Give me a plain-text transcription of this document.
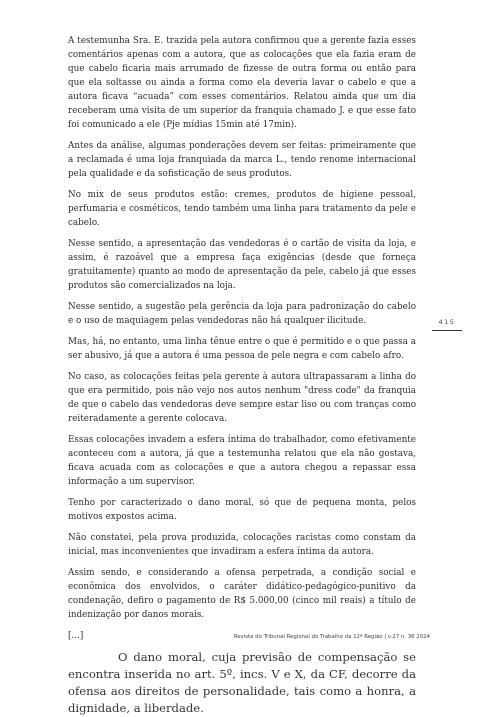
A testemunha Sra. E. trazida pela autora confirmou que a gerente fazia esses comentários apenas com a autora, que as colocações que ela fazia eram de que cabelo ficaria mais arrumado de fizesse de outra forma ou então para que ela soltasse ou ainda a forma como ela deveria lavar o cabelo e que a autora ficava “acuada” com esses comentários. Relatou ainda que um dia receberam uma visita de um superior da franquia chamado J. e que esse fato foi comunicado a ele (Pje mídias 15min até 17min).

Antes da análise, algumas ponderações devem ser feitas: primeiramente que a reclamada é uma loja franquiada da marca L., tendo renome internacional pela qualidade e da sofisticação de seus produtos.

No mix de seus produtos estão: cremes, produtos de higiene pessoal, perfumaria e cosméticos, tendo também uma linha para tratamento da pele e cabelo.

Nesse sentido, a apresentação das vendedoras é o cartão de visita da loja, e assim, é razoável que a empresa faça exigências (desde que forneça gratuitamente) quanto ao modo de apresentação da pele, cabelo já que esses produtos são comercializados na loja.

Nesse sentido, a sugestão pela gerência da loja para padronização do cabelo e o uso de maquiagem pelas vendedoras não há qualquer ilicitude.

Mas, há, no entanto, uma linha tênue entre o que é permitido e o que passa a ser abusivo, já que a autora é uma pessoa de pele negra e com cabelo afro.

No caso, as colocações feitas pela gerente à autora ultrapassaram a linha do que era permitido, pois não vejo nos autos nenhum "dress code" da franquia de que o cabelo das vendedoras deve sempre estar liso ou com tranças como reiteradamente a gerente colocava.

Essas colocações invadem a esfera íntima do trabalhador, como efetivamente aconteceu com a autora, já que a testemunha relatou que ela não gostava, ficava acuada com as colocações e que a autora chegou a repassar essa informação a um supervisor.

Tenho por caracterizado o dano moral, só que de pequena monta, pelos motivos expostos acima.

Não constatei, pela prova produzida, colocações racistas como constam da inicial, mas inconvenientes que invadiram a esfera íntima da autora.

Assim sendo, e considerando a ofensa perpetrada, a condição social e econômica dos envolvidos, o caráter didático-pedagógico-punitivo da condenação, defiro o pagamento de R$ 5.000,00 (cinco mil reais) a título de indenização por danos morais.

[...]

O dano moral, cuja previsão de compensação se encontra inserida no art. 5º, incs. V e X, da CF, decorre da ofensa aos direitos de personalidade, tais como a honra, a dignidade, a liberdade.

415
Revista do Tribunal Regional do Trabalho da 12ª Região | v.27 n. 36 2024
